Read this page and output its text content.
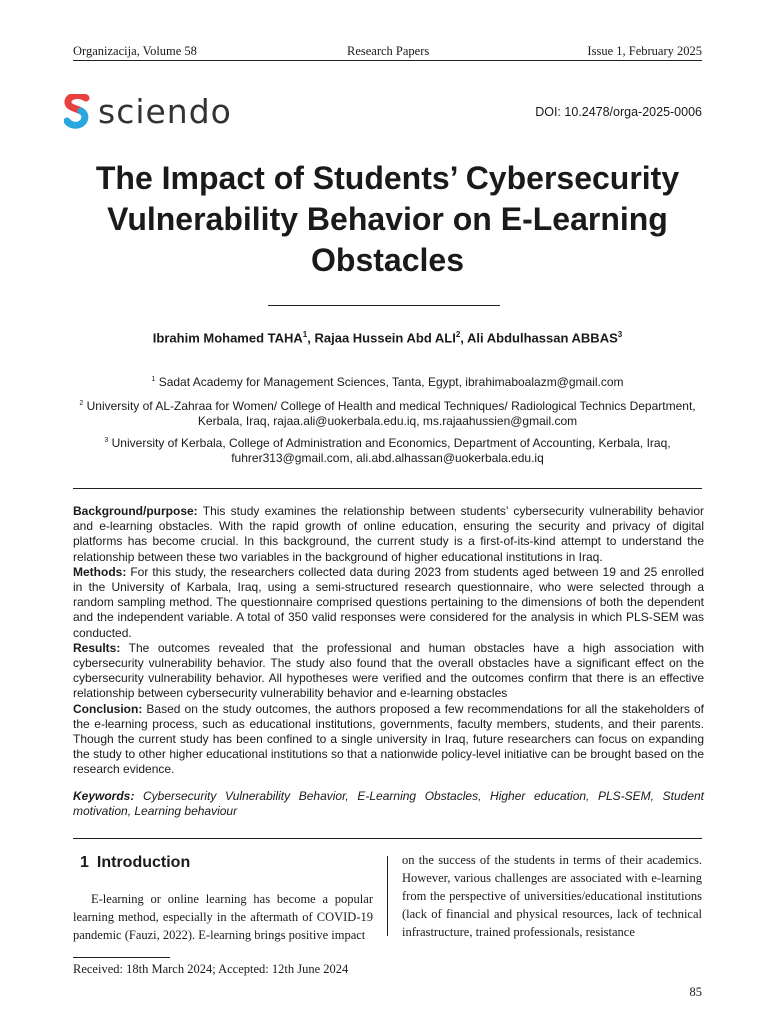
Organizacija, Volume 58	Research Papers	Issue 1, February 2025
sciendo	DOI: 10.2478/orga-2025-0006
The Impact of Students’ Cybersecurity Vulnerability Behavior on E-Learning Obstacles
Ibrahim Mohamed TAHA$^1$, Rajaa Hussein Abd ALI$^2$, Ali Abdulhassan ABBAS$^3$
$^1$ Sadat Academy for Management Sciences, Tanta, Egypt, ibrahimaboalazm@gmail.com
$^2$ University of AL-Zahraa for Women/ College of Health and medical Techniques/ Radiological Technics Department, Kerbala, Iraq, rajaa.ali@uokerbala.edu.iq, ms.rajaahussien@gmail.com
$^3$ University of Kerbala, College of Administration and Economics, Department of Accounting, Kerbala, Iraq, fuhrer313@gmail.com, ali.abd.alhassan@uokerbala.edu.iq

Background/purpose: This study examines the relationship between students’ cybersecurity vulnerability behavior and e-learning obstacles. With the rapid growth of online education, ensuring the security and privacy of digital platforms has become crucial. In this background, the current study is a first-of-its-kind attempt to understand the relationship between these two variables in the background of higher educational institutions in Iraq.

Methods: For this study, the researchers collected data during 2023 from students aged between 19 and 25 enrolled in the University of Karbala, Iraq, using a semi-structured research questionnaire, who were selected through a random sampling method. The questionnaire comprised questions pertaining to the dimensions of both the dependent and the independent variable. A total of 350 valid responses were considered for the analysis in which PLS-SEM was conducted.

Results: The outcomes revealed that the professional and human obstacles have a high association with cybersecurity vulnerability behavior. The study also found that the overall obstacles have a significant effect on the cybersecurity vulnerability behavior. All hypotheses were verified and the outcomes confirm that there is an effective relationship between cybersecurity vulnerability behavior and e-learning obstacles

Conclusion: Based on the study outcomes, the authors proposed a few recommendations for all the stakeholders of the e-learning process, such as educational institutions, governments, faculty members, students, and their parents. Though the current study has been confined to a single university in Iraq, future researchers can focus on expanding the study to other higher educational institutions so that a nationwide policy-level initiative can be brought based on the research evidence.

Keywords: Cybersecurity Vulnerability Behavior, E-Learning Obstacles, Higher education, PLS-SEM, Student motivation, Learning behaviour

1 Introduction

E-learning or online learning has become a popular learning method, especially in the aftermath of COVID-19 pandemic (Fauzi, 2022). E-learning brings positive impact

on the success of the students in terms of their academics. However, various challenges are associated with e-learning from the perspective of universities/educational institutions (lack of financial and physical resources, lack of technical infrastructure, trained professionals, resistance

Received: 18th March 2024; Accepted: 12th June 2024
85
